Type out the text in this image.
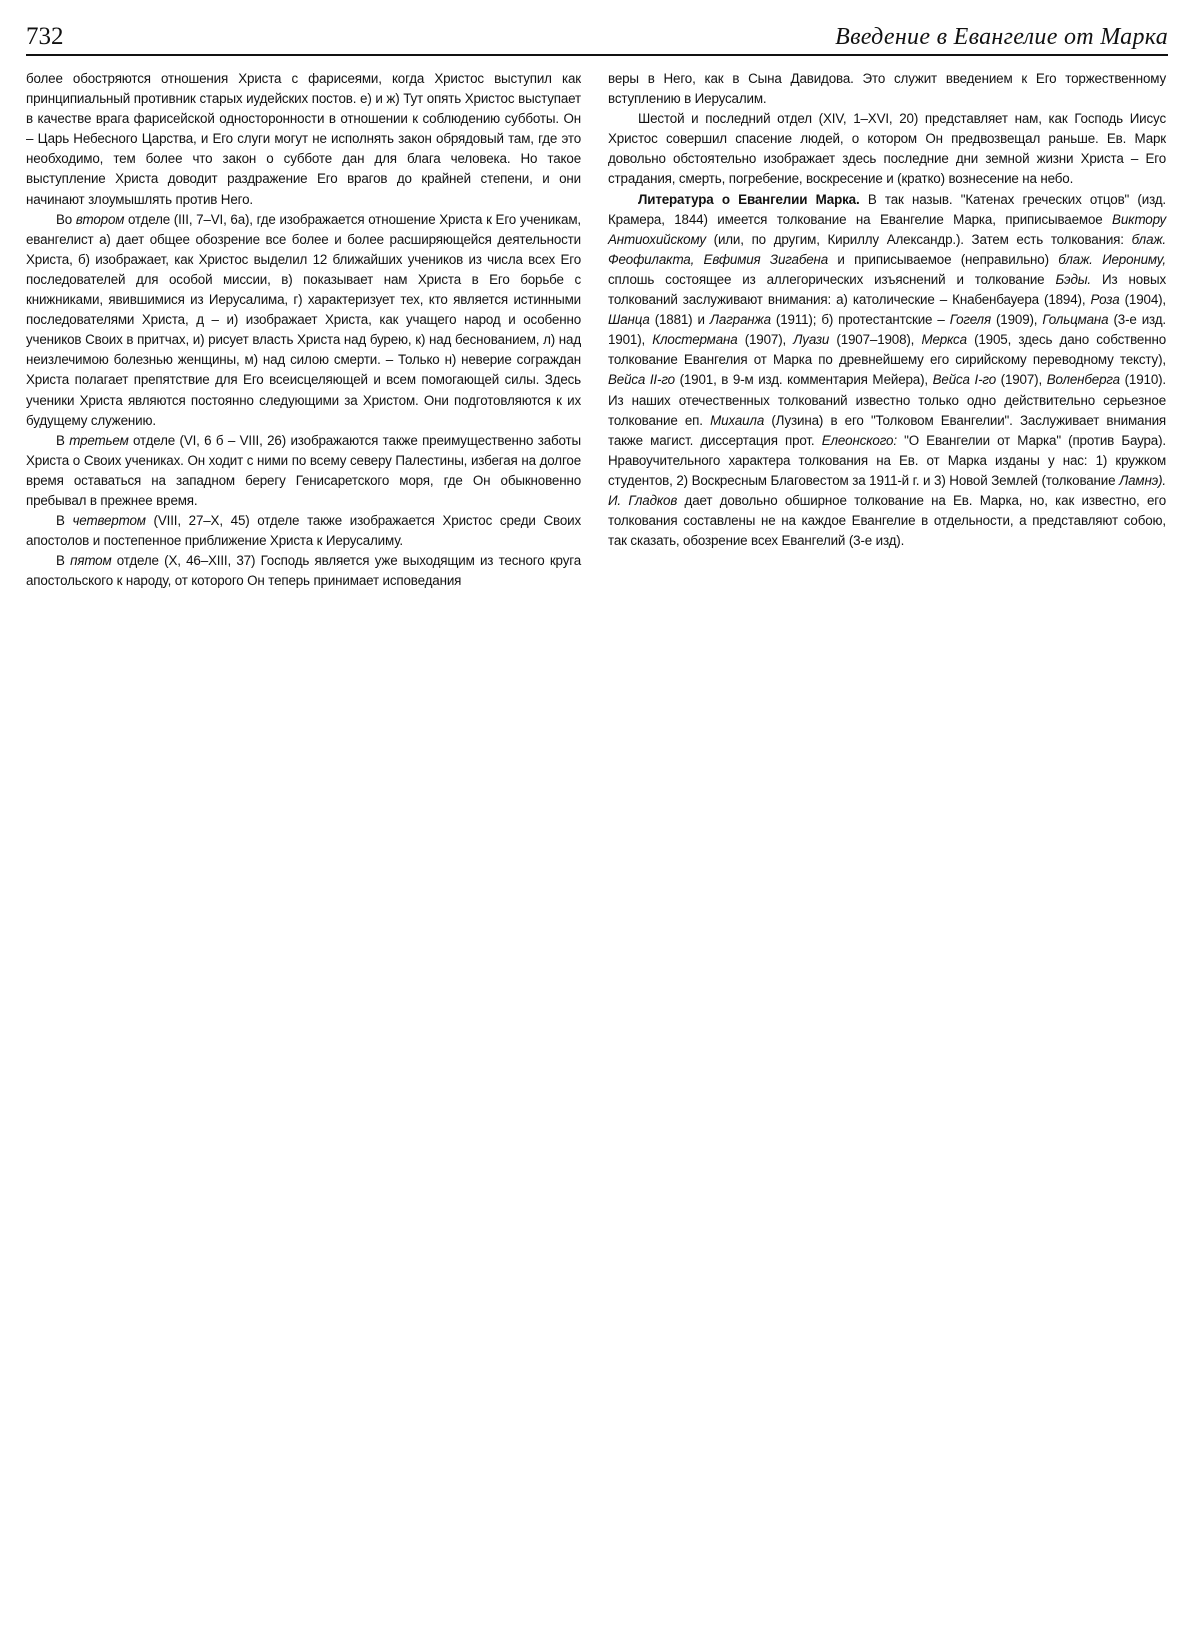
732	Введение в Евангелие от Марка

более обостряются отношения Христа с фарисеями, когда Христос выступил как принципиальный противник старых иудейских постов. е) и ж) Тут опять Христос выступает в качестве врага фарисейской односторонности в отношении к соблюдению субботы. Он – Царь Небесного Царства, и Его слуги могут не исполнять закон обрядовый там, где это необходимо, тем более что закон о субботе дан для блага человека. Но такое выступление Христа доводит раздражение Его врагов до крайней степени, и они начинают злоумышлять против Него.

Во втором отделе (III, 7–VI, 6а), где изображается отношение Христа к Его ученикам, евангелист а) дает общее обозрение все более и более расширяющейся деятельности Христа, б) изображает, как Христос выделил 12 ближайших учеников из числа всех Его последователей для особой миссии, в) показывает нам Христа в Его борьбе с книжниками, явившимися из Иерусалима, г) характеризует тех, кто является истинными последователями Христа, д – и) изображает Христа, как учащего народ и особенно учеников Своих в притчах, и) рисует власть Христа над бурею, к) над беснованием, л) над неизлечимою болезнью женщины, м) над силою смерти. – Только н) неверие сограждан Христа полагает препятствие для Его всеисцеляющей и всем помогающей силы. Здесь ученики Христа являются постоянно следующими за Христом. Они подготовляются к их будущему служению.

В третьем отделе (VI, 6 б – VIII, 26) изображаются также преимущественно заботы Христа о Своих учениках. Он ходит с ними по всему северу Палестины, избегая на долгое время оставаться на западном берегу Генисаретского моря, где Он обыкновенно пребывал в прежнее время.

В четвертом (VIII, 27–X, 45) отделе также изображается Христос среди Своих апостолов и постепенное приближение Христа к Иерусалиму.

В пятом отделе (X, 46–XIII, 37) Господь является уже выходящим из тесного круга апостольского к народу, от которого Он теперь принимает исповедания

веры в Него, как в Сына Давидова. Это служит введением к Его торжественному вступлению в Иерусалим.

Шестой и последний отдел (XIV, 1–XVI, 20) представляет нам, как Господь Иисус Христос совершил спасение людей, о котором Он предвозвещал раньше. Ев. Марк довольно обстоятельно изображает здесь последние дни земной жизни Христа – Его страдания, смерть, погребение, воскресение и (кратко) вознесение на небо.

Литература о Евангелии Марка. В так назыв. "Катенах греческих отцов" (изд. Крамера, 1844) имеется толкование на Евангелие Марка, приписываемое Виктору Антиохийскому (или, по другим, Кириллу Александр.). Затем есть толкования: блаж. Феофилакта, Евфимия Зигабена и приписываемое (неправильно) блаж. Иерониму, сплошь состоящее из аллегорических изъяснений и толкование Бэды. Из новых толкований заслуживают внимания: а) католические – Кнабенбауера (1894), Роза (1904), Шанца (1881) и Лагранжа (1911); б) протестантские – Гогеля (1909), Гольцмана (3-е изд. 1901), Клостермана (1907), Луази (1907–1908), Меркса (1905, здесь дано собственно толкование Евангелия от Марка по древнейшему его сирийскому переводному тексту), Вейса II-го (1901, в 9-м изд. комментария Мейера), Вейса I-го (1907), Воленберга (1910). Из наших отечественных толкований известно только одно действительно серьезное толкование еп. Михаила (Лузина) в его "Толковом Евангелии". Заслуживает внимания также магист. диссертация прот. Елеонского: "О Евангелии от Марка" (против Баура). Нравоучительного характера толкования на Ев. от Марка изданы у нас: 1) кружком студентов, 2) Воскресным Благовестом за 1911-й г. и 3) Новой Землей (толкование Ламнэ). И. Гладков дает довольно обширное толкование на Ев. Марка, но, как известно, его толкования составлены не на каждое Евангелие в отдельности, а представляют собою, так сказать, обозрение всех Евангелий (3-е изд).
